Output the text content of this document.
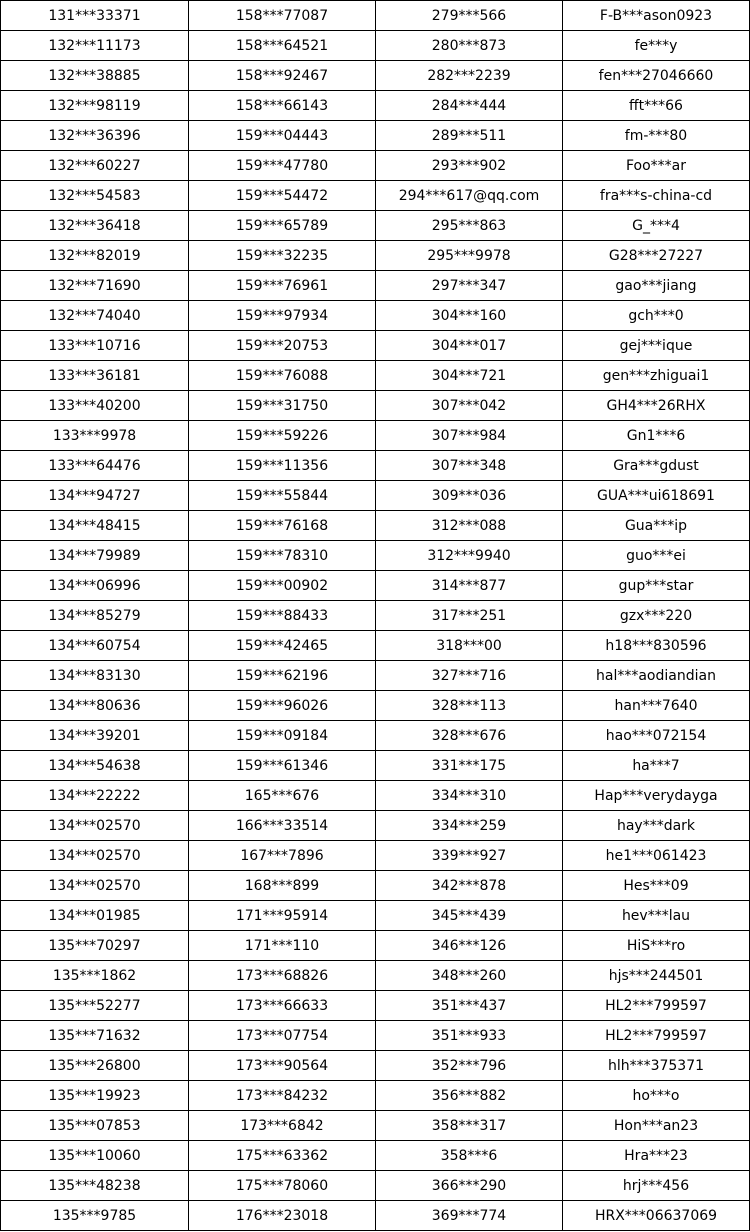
131***33371	158***77087	279***566	F-B***ason0923
132***11173	158***64521	280***873	fe***y
132***38885	158***92467	282***2239	fen***27046660
132***98119	158***66143	284***444	fft***66
132***36396	159***04443	289***511	fm-***80
132***60227	159***47780	293***902	Foo***ar
132***54583	159***54472	294***617@qq.com	fra***s-china-cd
132***36418	159***65789	295***863	G_***4
132***82019	159***32235	295***9978	G28***27227
132***71690	159***76961	297***347	gao***jiang
132***74040	159***97934	304***160	gch***0
133***10716	159***20753	304***017	gej***ique
133***36181	159***76088	304***721	gen***zhiguai1
133***40200	159***31750	307***042	GH4***26RHX
133***9978	159***59226	307***984	Gn1***6
133***64476	159***11356	307***348	Gra***gdust
134***94727	159***55844	309***036	GUA***ui618691
134***48415	159***76168	312***088	Gua***ip
134***79989	159***78310	312***9940	guo***ei
134***06996	159***00902	314***877	gup***star
134***85279	159***88433	317***251	gzx***220
134***60754	159***42465	318***00	h18***830596
134***83130	159***62196	327***716	hal***aodiandian
134***80636	159***96026	328***113	han***7640
134***39201	159***09184	328***676	hao***072154
134***54638	159***61346	331***175	ha***7
134***22222	165***676	334***310	Hap***verydayga
134***02570	166***33514	334***259	hay***dark
134***02570	167***7896	339***927	he1***061423
134***02570	168***899	342***878	Hes***09
134***01985	171***95914	345***439	hev***lau
135***70297	171***110	346***126	HiS***ro
135***1862	173***68826	348***260	hjs***244501
135***52277	173***66633	351***437	HL2***799597
135***71632	173***07754	351***933	HL2***799597
135***26800	173***90564	352***796	hlh***375371
135***19923	173***84232	356***882	ho***o
135***07853	173***6842	358***317	Hon***an23
135***10060	175***63362	358***6	Hra***23
135***48238	175***78060	366***290	hrj***456
135***9785	176***23018	369***774	HRX***06637069
